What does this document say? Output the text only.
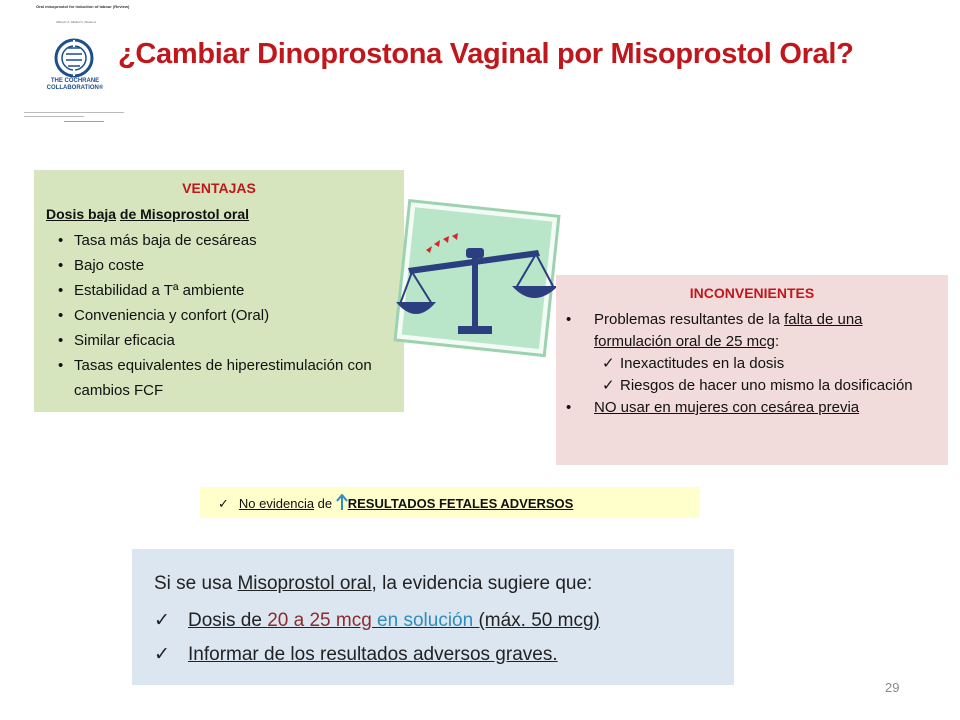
Oral misoprostol for induction of labour (Review)
Alfirevic Z, Aflaifel N, Weeks A
THE COCHRANE
COLLABORATION®
¿Cambiar Dinoprostona Vaginal por Misoprostol Oral?
VENTAJAS
Dosis baja de Misoprostol oral
• Tasa más baja de cesáreas
• Bajo coste
• Estabilidad a Tª ambiente
• Conveniencia y confort (Oral)
• Similar eficacia
• Tasas equivalentes de hiperestimulación con cambios FCF
INCONVENIENTES
• Problemas resultantes de la falta de una formulación oral de 25 mcg:
✓ Inexactitudes en la dosis
✓ Riesgos de hacer uno mismo la dosificación
• NO usar en mujeres con cesárea previa
✓ No evidencia de RESULTADOS FETALES ADVERSOS
Si se usa Misoprostol oral, la evidencia sugiere que:
✓ Dosis de 20 a 25 mcg en solución (máx. 50 mcg)
✓ Informar de los resultados adversos graves.
29
